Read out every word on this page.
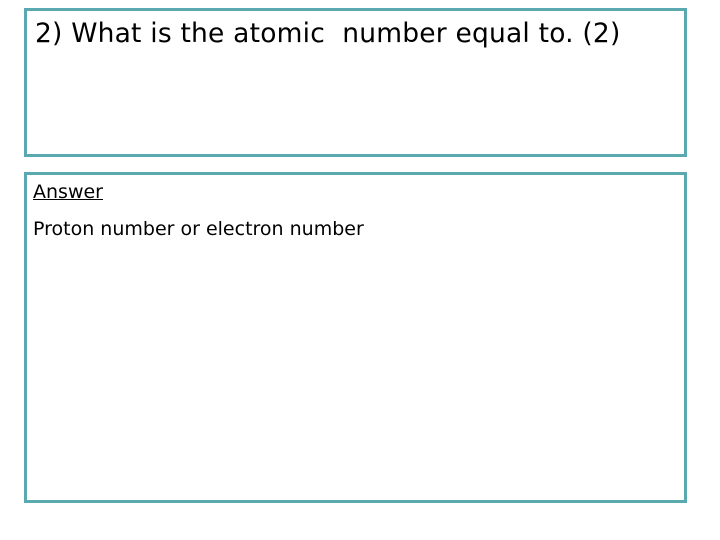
2) What is the atomic  number equal to. (2)
Answer
Proton number or electron number
